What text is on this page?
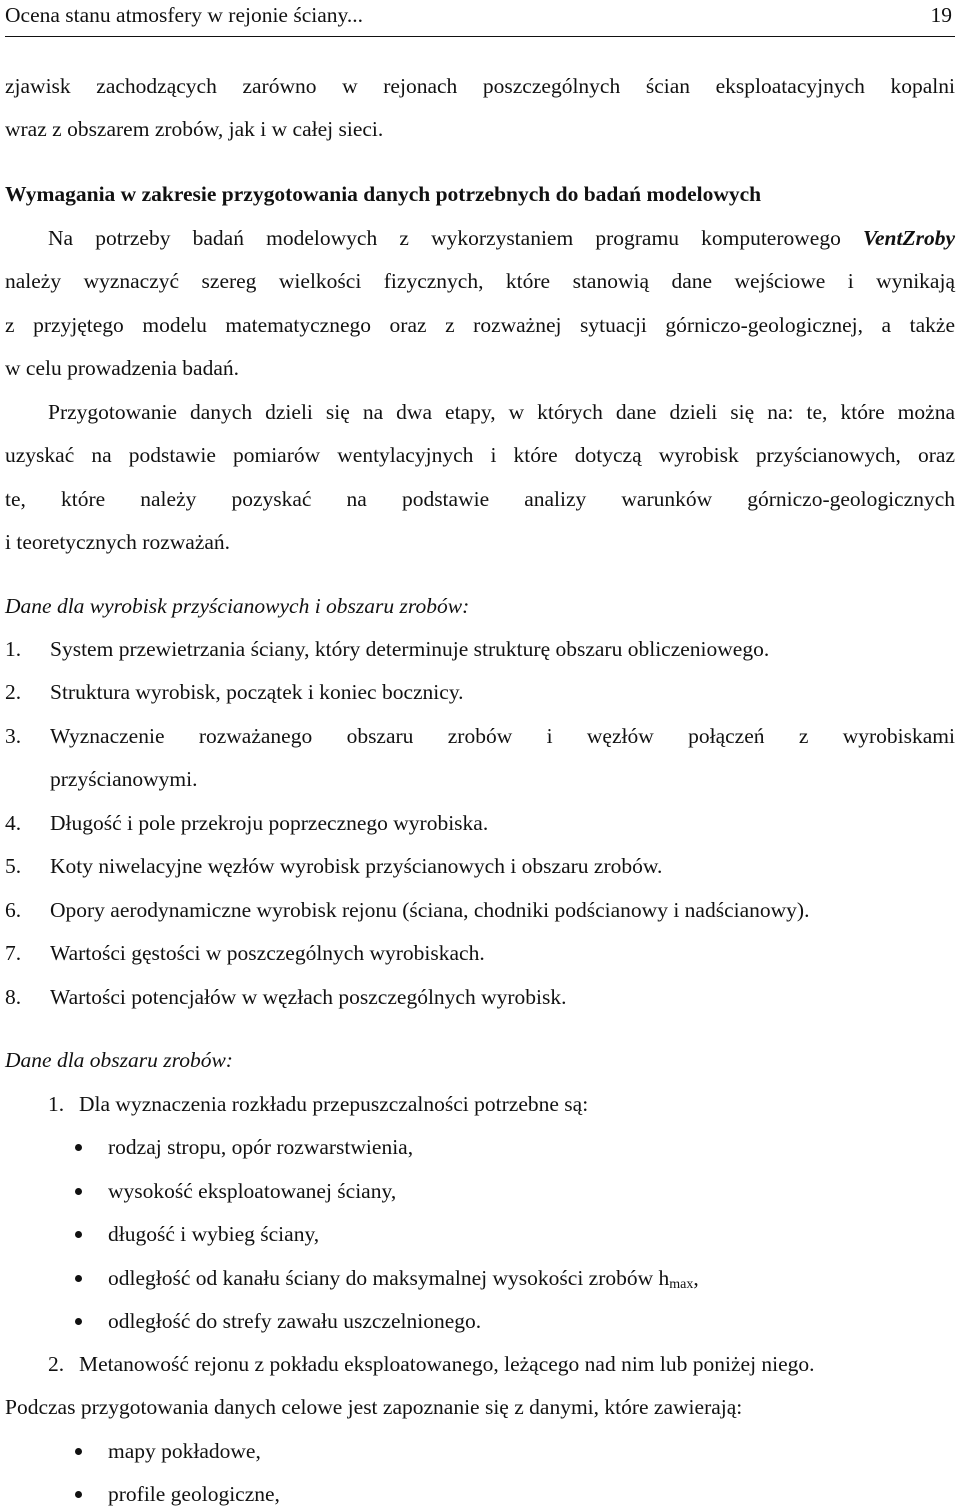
Ocena stanu atmosfery w rejonie ściany...	19
zjawisk zachodzących zarówno w rejonach poszczególnych ścian eksploatacyjnych kopalni
wraz z obszarem zrobów, jak i w całej sieci.
Wymagania w zakresie przygotowania danych potrzebnych do badań modelowych
Na potrzeby badań modelowych z wykorzystaniem programu komputerowego VentZroby
należy wyznaczyć szereg wielkości fizycznych, które stanowią dane wejściowe i wynikają
z przyjętego modelu matematycznego oraz z rozważnej sytuacji górniczo-geologicznej, a także
w celu prowadzenia badań.
Przygotowanie danych dzieli się na dwa etapy, w których dane dzieli się na: te, które można
uzyskać na podstawie pomiarów wentylacyjnych i które dotyczą wyrobisk przyścianowych, oraz
te, które należy pozyskać na podstawie analizy warunków górniczo-geologicznych
i teoretycznych rozważań.
Dane dla wyrobisk przyścianowych i obszaru zrobów:
1. System przewietrzania ściany, który determinuje strukturę obszaru obliczeniowego.
2. Struktura wyrobisk, początek i koniec bocznicy.
3. Wyznaczenie rozważanego obszaru zrobów i węzłów połączeń z wyrobiskami
przyścianowymi.
4. Długość i pole przekroju poprzecznego wyrobiska.
5. Koty niwelacyjne węzłów wyrobisk przyścianowych i obszaru zrobów.
6. Opory aerodynamiczne wyrobisk rejonu (ściana, chodniki podścianowy i nadścianowy).
7. Wartości gęstości w poszczególnych wyrobiskach.
8. Wartości potencjałów w węzłach poszczególnych wyrobisk.
Dane dla obszaru zrobów:
1. Dla wyznaczenia rozkładu przepuszczalności potrzebne są:
rodzaj stropu, opór rozwarstwienia,
wysokość eksploatowanej ściany,
długość i wybieg ściany,
odległość od kanału ściany do maksymalnej wysokości zrobów $h_{max}$,
odległość do strefy zawału uszczelnionego.
2. Metanowość rejonu z pokładu eksploatowanego, leżącego nad nim lub poniżej niego.
Podczas przygotowania danych celowe jest zapoznanie się z danymi, które zawierają:
mapy pokładowe,
profile geologiczne,
